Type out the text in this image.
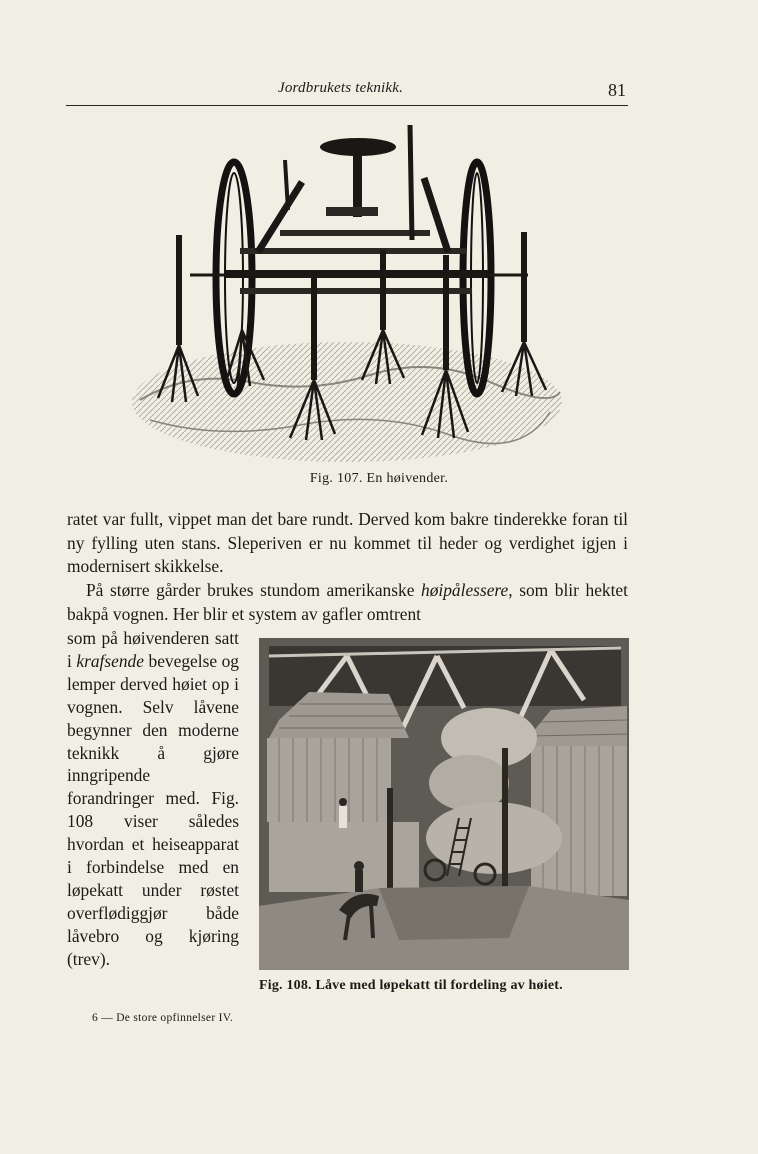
Jordbrukets teknikk.	81
Fig. 107. En høivender.

ratet var fullt, vippet man det bare rundt. Derved kom bakre tinderekke foran til ny fylling uten stans. Sleperiven er nu kommet til heder og verdighet igjen i modernisert skikkelse.

På større gårder brukes stundom amerikanske høipålessere, som blir hektet bakpå vognen. Her blir et system av gafler omtrent

som på høivenderen satt i krafsende bevegelse og lemper derved høiet op i vognen. Selv låvene begynner den moderne teknikk å gjøre inngripende forandringer med. Fig. 108 viser således hvordan et heiseapparat i forbindelse med en løpekatt under røstet overflødiggjør både låvebro og kjøring (trev).

Fig. 108. Låve med løpekatt til fordeling av høiet.
6 — De store opfinnelser IV.
